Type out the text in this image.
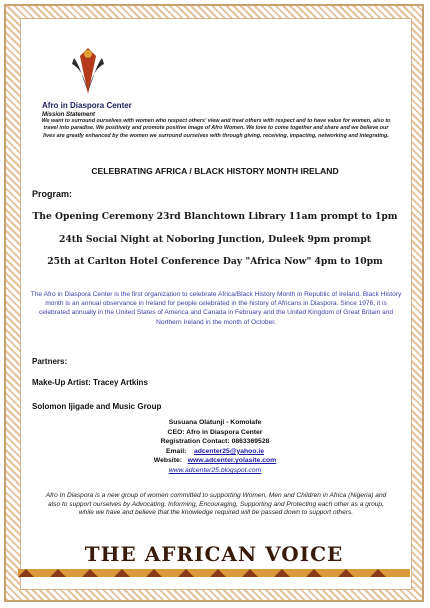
Afro in Diaspora Center
Mission Statement
We want to surround ourselves with women who respect others' view and treat others with respect and to have value for women, also to travel into paradise. We positively and promote positive image of Afro Women. We love to come together and share and we believe our lives are greatly enhanced by the women we surround ourselves with through giving, receiving, impacting, networking and integrating.
CELEBRATING AFRICA / BLACK HISTORY MONTH IRELAND
Program:
The Opening Ceremony 23rd Blanchtown Library 11am prompt to 1pm
24th Social Night at Noboring Junction, Duleek 9pm prompt
25th at Carlton Hotel Conference Day "Africa Now" 4pm to 10pm
The Afro in Diaspora Center is the first organization to celebrate Africa/Black History Month in Republic of Ireland. Black History month is an annual observance in Ireland for people celebrated in the history of Africans in Diaspora. Since 1976, it is celebrated annually in the United States of America and Canada in February and the United Kingdom of Great Britain and Northern Ireland in the month of October.
Partners:
Make-Up Artist: Tracey Artkins
Solomon Ijigade and Music Group
Susuana Olatunji - Komolafe
CEO: Afro in Diaspora Center
Registration Contact: 0863369528
Email: adcenter25@yahoo.ie
Website: www.adcenter.yolasite.com
www.adcenter25.blogspot.com
Afro In Diaspora is a new group of women committed to supporting Women, Men and Children in Africa (Nigeria) and also to support ourselves by Advocating, Informing, Encouraging, Supporting and Protecting each other as a group, while we have and believe that the knowledge required will be passed down to support others.
THE AFRICAN VOICE
